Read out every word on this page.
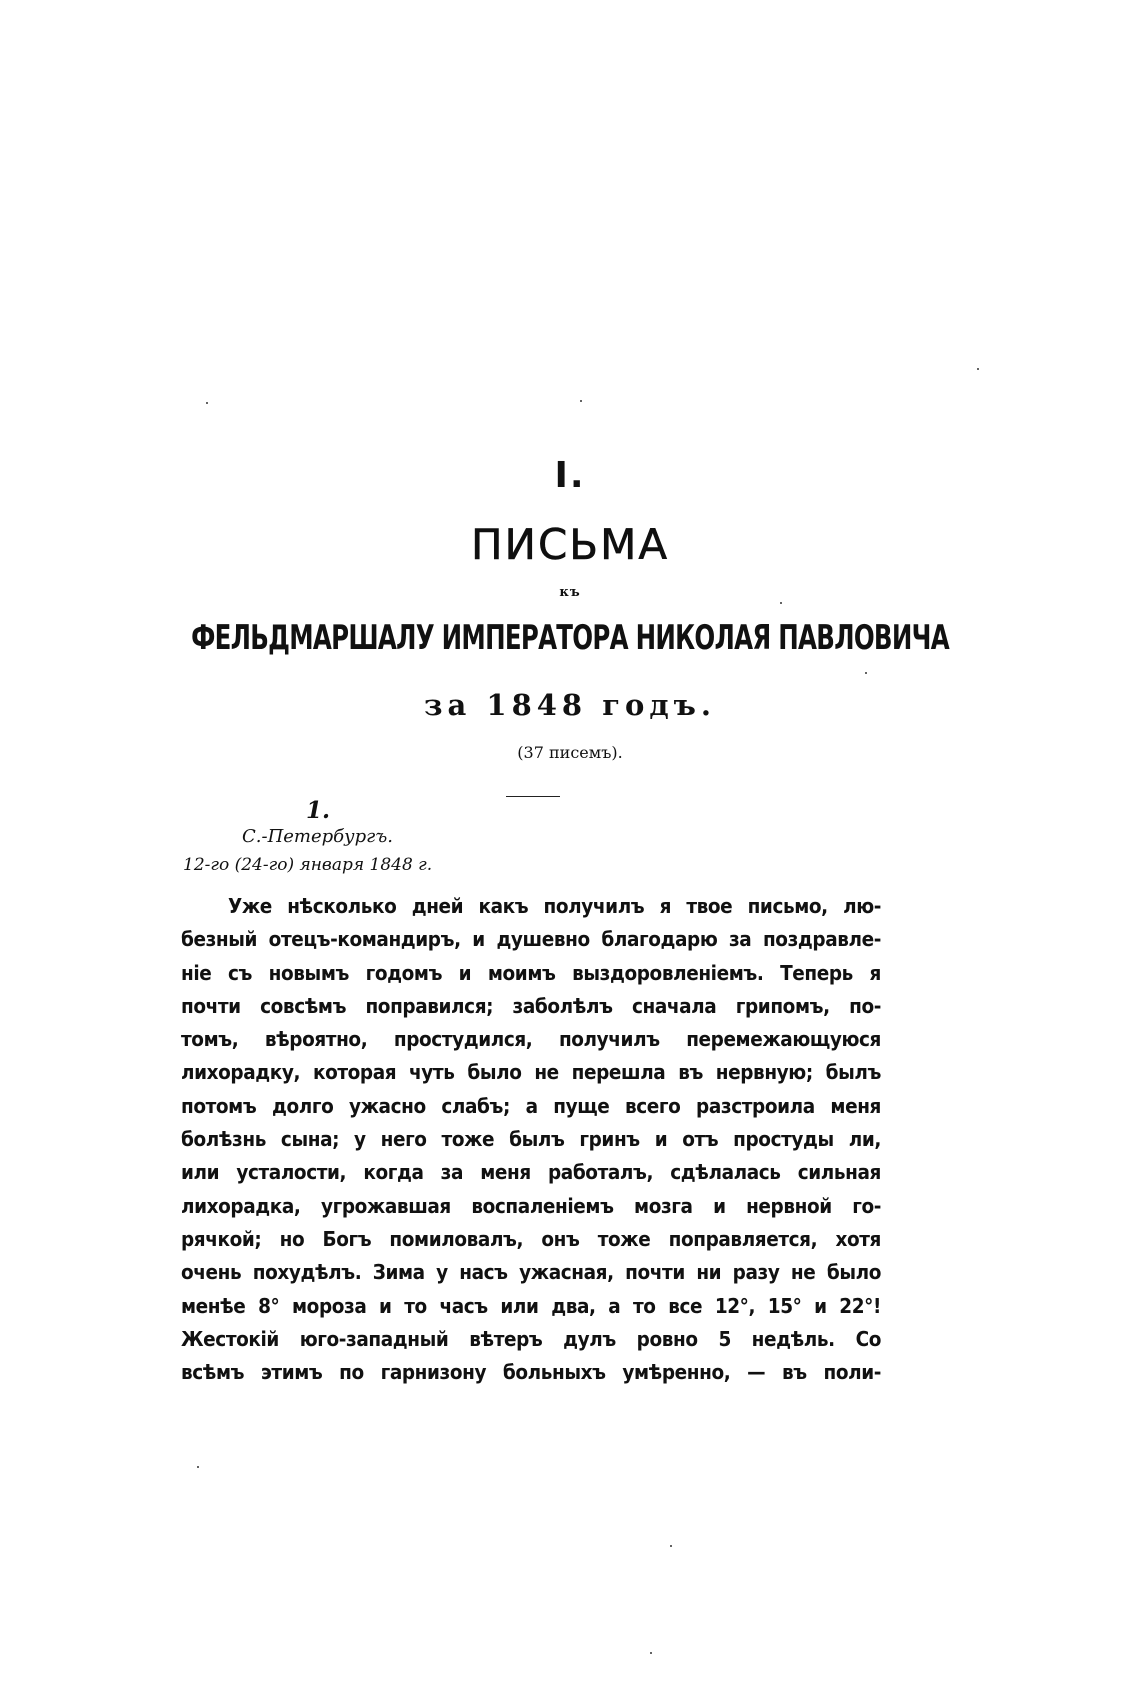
I.
ПИСЬМА
къ
ФЕЛЬДМАРШАЛУ ИМПЕРАТОРА НИКОЛАЯ ПАВЛОВИЧА
за 1848 годъ.
(37 писемъ).
1.
С.-Петербургъ.
12-го (24-го) января 1848 г.
Уже нѣсколько дней какъ получилъ я твое письмо, лю-
безный отецъ-командиръ, и душевно благодарю за поздравле-
ніе съ новымъ годомъ и моимъ выздоровленіемъ. Теперь я
почти совсѣмъ поправился; заболѣлъ сначала грипомъ, по-
томъ, вѣроятно, простудился, получилъ перемежающуюся
лихорадку, которая чуть было не перешла въ нервную; былъ
потомъ долго ужасно слабъ; а пуще всего разстроила меня
болѣзнь сына; у него тоже былъ гринъ и отъ простуды ли,
или усталости, когда за меня работалъ, сдѣлалась сильная
лихорадка, угрожавшая воспаленіемъ мозга и нервной го-
рячкой; но Богъ помиловалъ, онъ тоже поправляется, хотя
очень похудѣлъ. Зима у насъ ужасная, почти ни разу не было
менѣе 8° мороза и то часъ или два, а то все 12°, 15° и 22°!
Жестокій юго-западный вѣтеръ дулъ ровно 5 недѣль. Со
всѣмъ этимъ по гарнизону больныхъ умѣренно, — въ поли-
